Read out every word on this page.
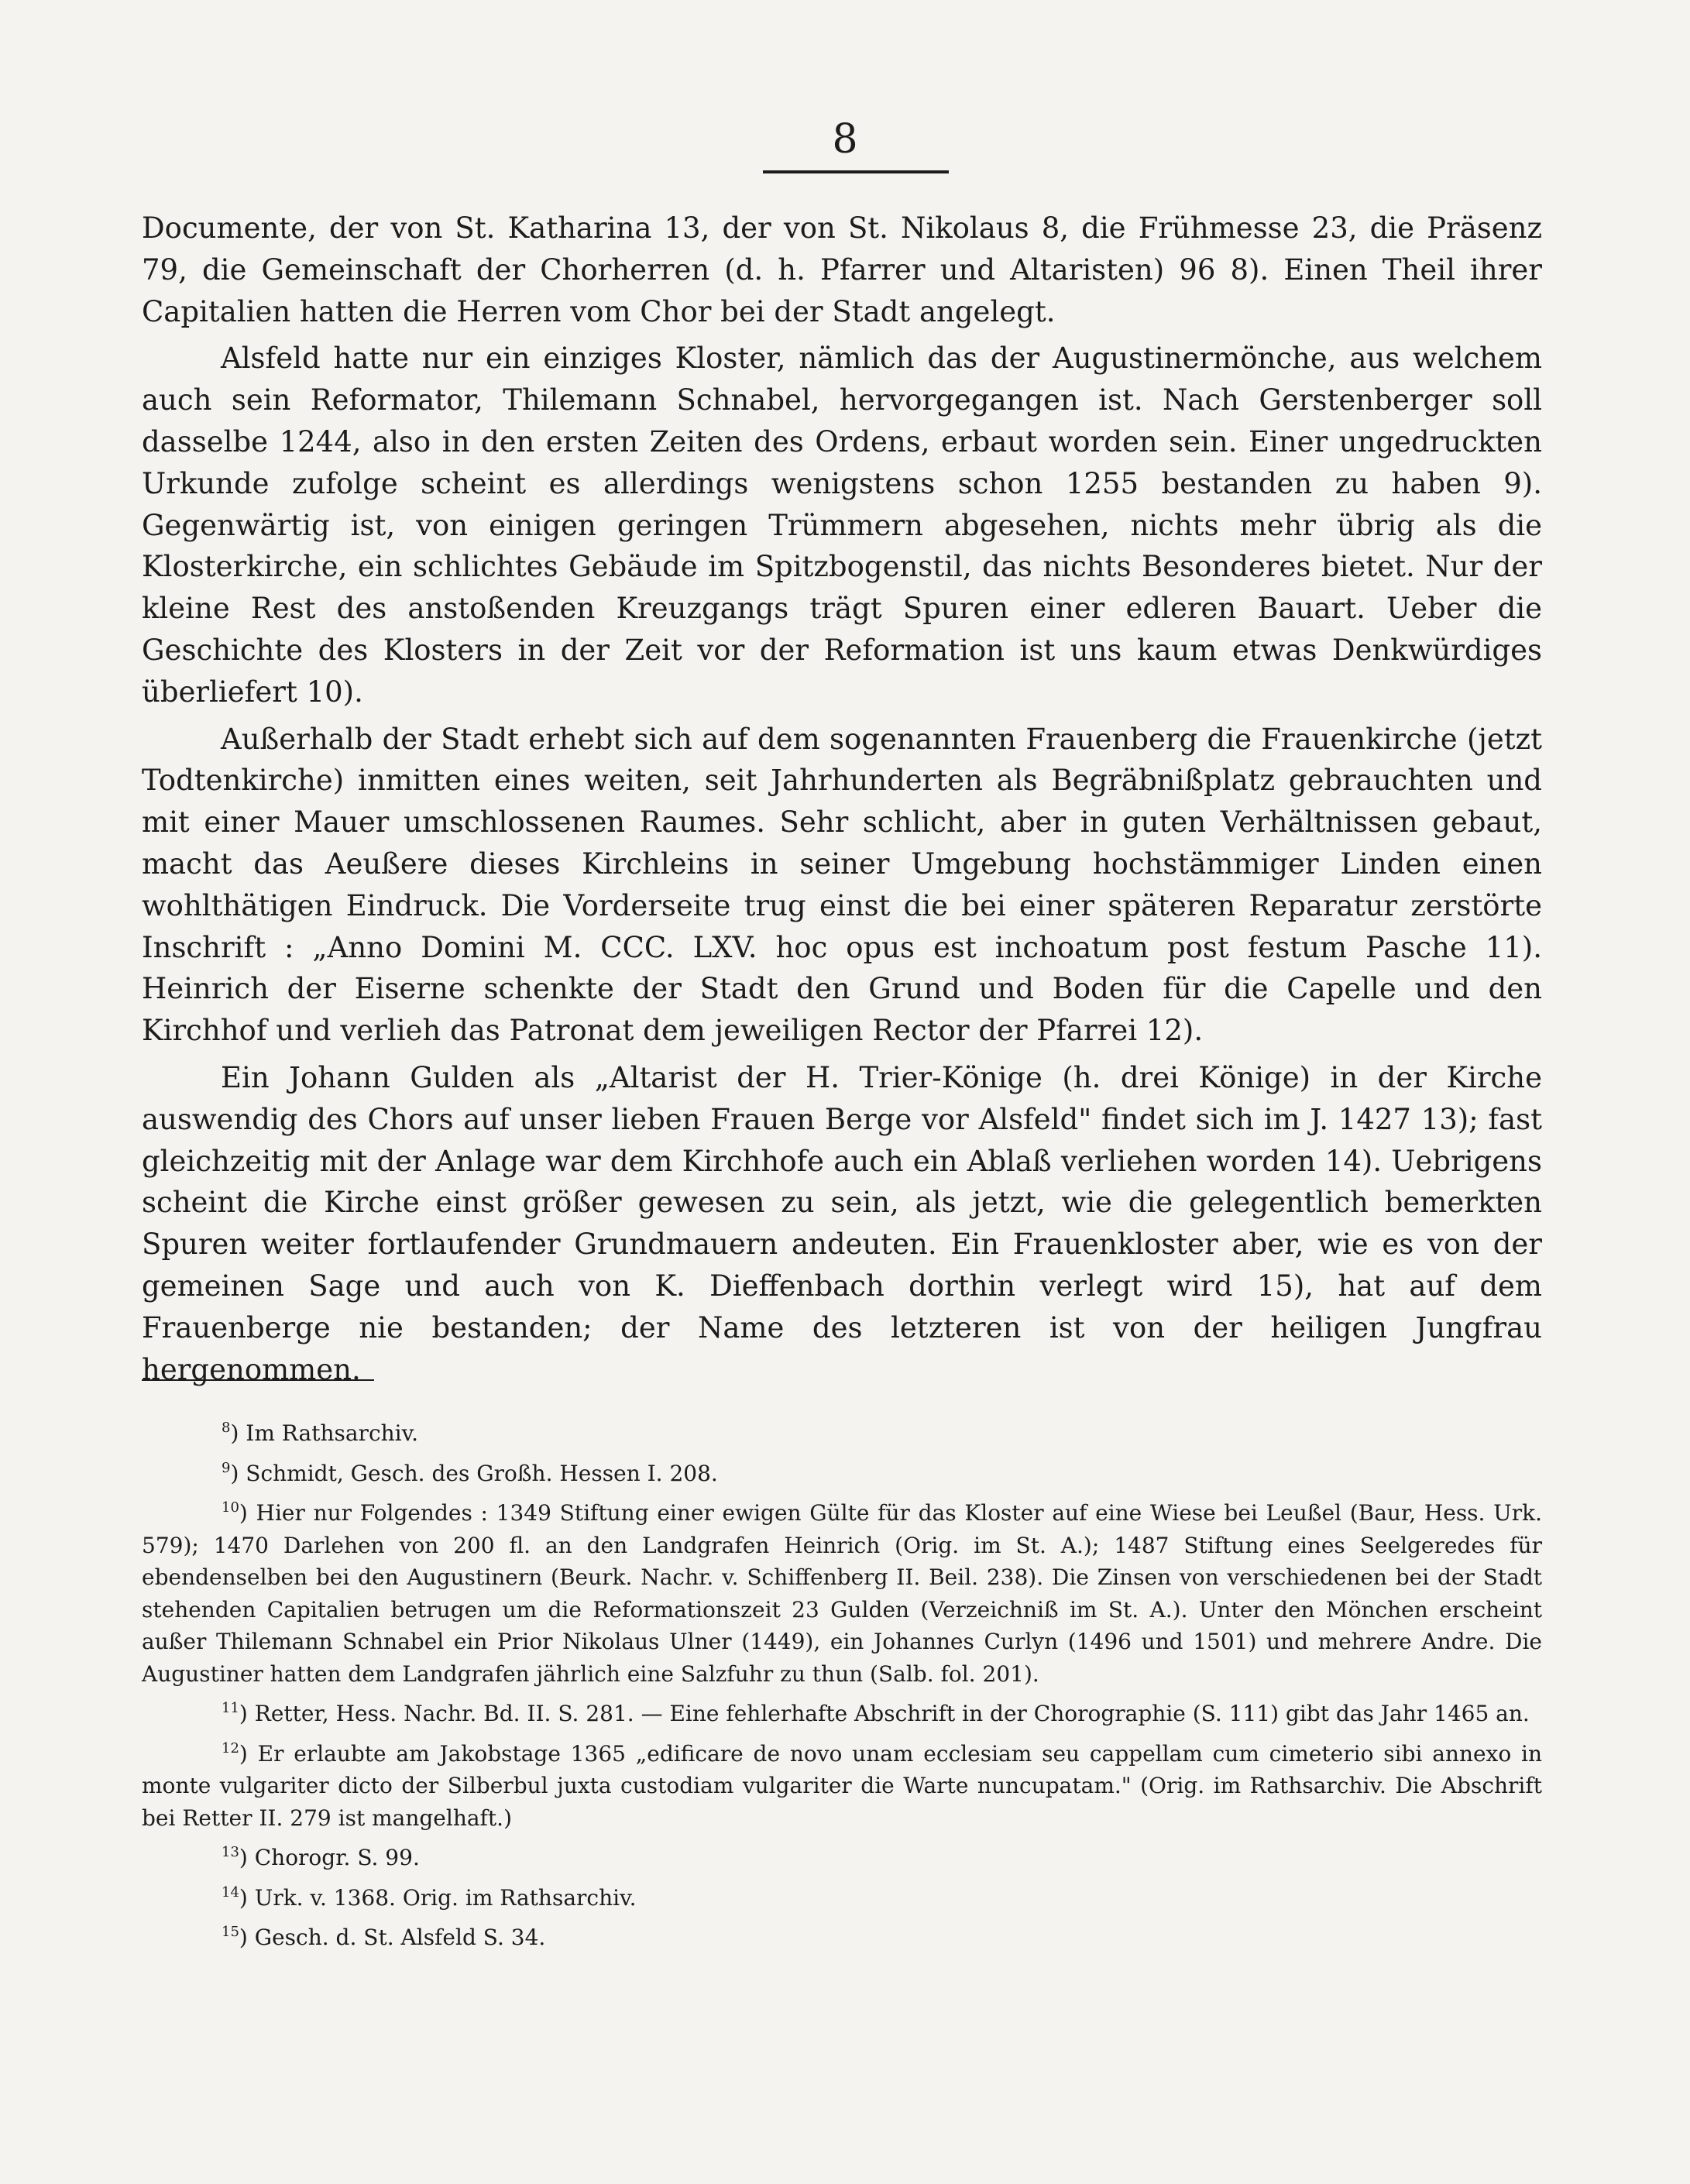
8

Documente, der von St. Katharina 13, der von St. Nikolaus 8, die Frühmesse 23, die Präsenz 79, die Gemeinschaft der Chorherren (d. h. Pfarrer und Altaristen) 96 8). Einen Theil ihrer Capitalien hatten die Herren vom Chor bei der Stadt angelegt.

Alsfeld hatte nur ein einziges Kloster, nämlich das der Augustinermönche, aus welchem auch sein Reformator, Thilemann Schnabel, hervorgegangen ist. Nach Gerstenberger soll dasselbe 1244, also in den ersten Zeiten des Ordens, erbaut worden sein. Einer ungedruckten Urkunde zufolge scheint es allerdings wenigstens schon 1255 bestanden zu haben 9). Gegenwärtig ist, von einigen geringen Trümmern abgesehen, nichts mehr übrig als die Klosterkirche, ein schlichtes Gebäude im Spitzbogenstil, das nichts Besonderes bietet. Nur der kleine Rest des anstoßenden Kreuzgangs trägt Spuren einer edleren Bauart. Ueber die Geschichte des Klosters in der Zeit vor der Reformation ist uns kaum etwas Denkwürdiges überliefert 10).

Außerhalb der Stadt erhebt sich auf dem sogenannten Frauenberg die Frauenkirche (jetzt Todtenkirche) inmitten eines weiten, seit Jahrhunderten als Begräbnißplatz gebrauchten und mit einer Mauer umschlossenen Raumes. Sehr schlicht, aber in guten Verhältnissen gebaut, macht das Aeußere dieses Kirchleins in seiner Umgebung hochstämmiger Linden einen wohlthätigen Eindruck. Die Vorderseite trug einst die bei einer späteren Reparatur zerstörte Inschrift : „Anno Domini M. CCC. LXV. hoc opus est inchoatum post festum Pasche 11). Heinrich der Eiserne schenkte der Stadt den Grund und Boden für die Capelle und den Kirchhof und verlieh das Patronat dem jeweiligen Rector der Pfarrei 12).

Ein Johann Gulden als „Altarist der H. Trier-Könige (h. drei Könige) in der Kirche auswendig des Chors auf unser lieben Frauen Berge vor Alsfeld" findet sich im J. 1427 13); fast gleichzeitig mit der Anlage war dem Kirchhofe auch ein Ablaß verliehen worden 14). Uebrigens scheint die Kirche einst größer gewesen zu sein, als jetzt, wie die gelegentlich bemerkten Spuren weiter fortlaufender Grundmauern andeuten. Ein Frauenkloster aber, wie es von der gemeinen Sage und auch von K. Dieffenbach dorthin verlegt wird 15), hat auf dem Frauenberge nie bestanden; der Name des letzteren ist von der heiligen Jungfrau hergenommen.

$^8$) Im Rathsarchiv.

$^9$) Schmidt, Gesch. des Großh. Hessen I. 208.

$^{10}$) Hier nur Folgendes : 1349 Stiftung einer ewigen Gülte für das Kloster auf eine Wiese bei Leußel (Baur, Hess. Urk. 579); 1470 Darlehen von 200 fl. an den Landgrafen Heinrich (Orig. im St. A.); 1487 Stiftung eines Seelgeredes für ebendenselben bei den Augustinern (Beurk. Nachr. v. Schiffenberg II. Beil. 238). Die Zinsen von verschiedenen bei der Stadt stehenden Capitalien betrugen um die Reformationszeit 23 Gulden (Verzeichniß im St. A.). Unter den Mönchen erscheint außer Thilemann Schnabel ein Prior Nikolaus Ulner (1449), ein Johannes Curlyn (1496 und 1501) und mehrere Andre. Die Augustiner hatten dem Landgrafen jährlich eine Salzfuhr zu thun (Salb. fol. 201).

$^{11}$) Retter, Hess. Nachr. Bd. II. S. 281. — Eine fehlerhafte Abschrift in der Chorographie (S. 111) gibt das Jahr 1465 an.

$^{12}$) Er erlaubte am Jakobstage 1365 „edificare de novo unam ecclesiam seu cappellam cum cimeterio sibi annexo in monte vulgariter dicto der Silberbul juxta custodiam vulgariter die Warte nuncupatam." (Orig. im Rathsarchiv. Die Abschrift bei Retter II. 279 ist mangelhaft.)

$^{13}$) Chorogr. S. 99.

$^{14}$) Urk. v. 1368. Orig. im Rathsarchiv.

$^{15}$) Gesch. d. St. Alsfeld S. 34.
